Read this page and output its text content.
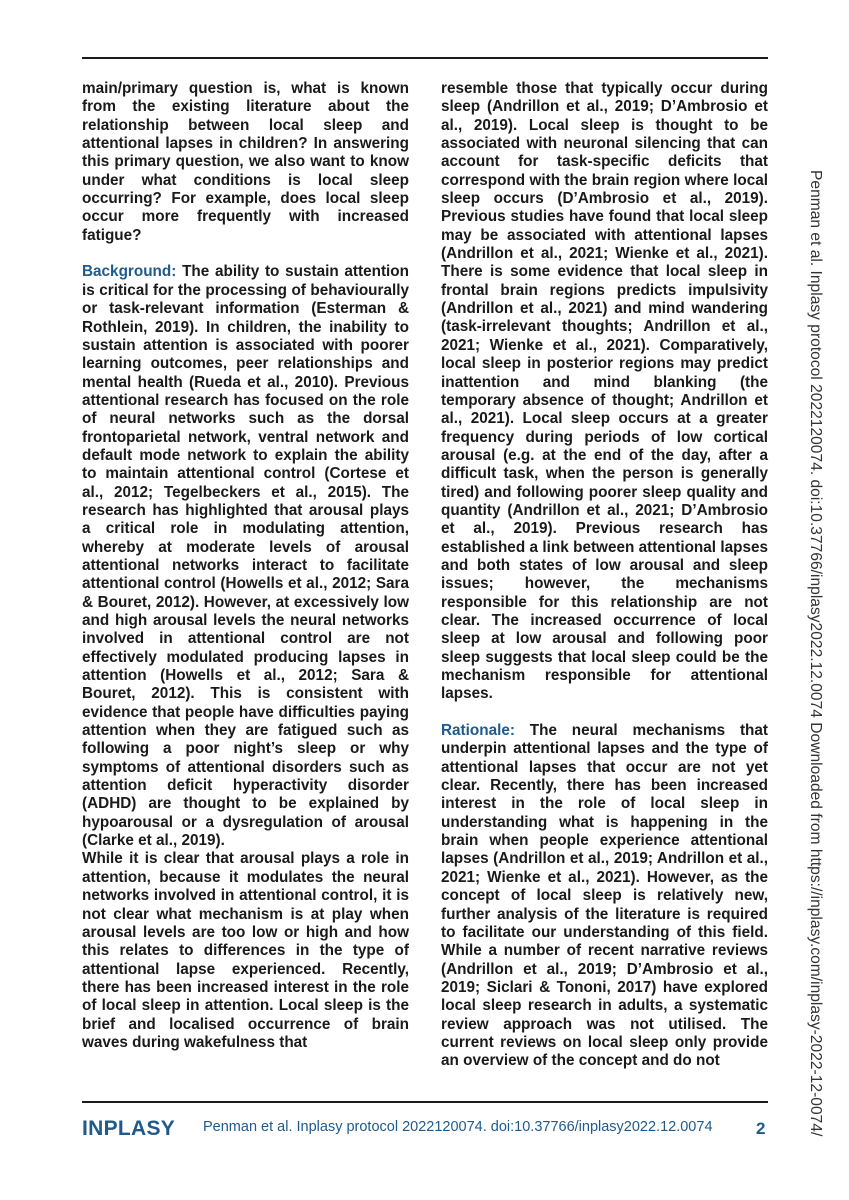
main/primary question is, what is known from the existing literature about the relationship between local sleep and attentional lapses in children? In answering this primary question, we also want to know under what conditions is local sleep occurring? For example, does local sleep occur more frequently with increased fatigue?

Background: The ability to sustain attention is critical for the processing of behaviourally or task-relevant information (Esterman & Rothlein, 2019). In children, the inability to sustain attention is associated with poorer learning outcomes, peer relationships and mental health (Rueda et al., 2010). Previous attentional research has focused on the role of neural networks such as the dorsal frontoparietal network, ventral network and default mode network to explain the ability to maintain attentional control (Cortese et al., 2012; Tegelbeckers et al., 2015). The research has highlighted that arousal plays a critical role in modulating attention, whereby at moderate levels of arousal attentional networks interact to facilitate attentional control (Howells et al., 2012; Sara & Bouret, 2012). However, at excessively low and high arousal levels the neural networks involved in attentional control are not effectively modulated producing lapses in attention (Howells et al., 2012; Sara & Bouret, 2012). This is consistent with evidence that people have difficulties paying attention when they are fatigued such as following a poor night’s sleep or why symptoms of attentional disorders such as attention deficit hyperactivity disorder (ADHD) are thought to be explained by hypoarousal or a dysregulation of arousal (Clarke et al., 2019).

While it is clear that arousal plays a role in attention, because it modulates the neural networks involved in attentional control, it is not clear what mechanism is at play when arousal levels are too low or high and how this relates to differences in the type of attentional lapse experienced. Recently, there has been increased interest in the role of local sleep in attention. Local sleep is the brief and localised occurrence of brain waves during wakefulness that

resemble those that typically occur during sleep (Andrillon et al., 2019; D’Ambrosio et al., 2019). Local sleep is thought to be associated with neuronal silencing that can account for task-specific deficits that correspond with the brain region where local sleep occurs (D’Ambrosio et al., 2019). Previous studies have found that local sleep may be associated with attentional lapses (Andrillon et al., 2021; Wienke et al., 2021). There is some evidence that local sleep in frontal brain regions predicts impulsivity (Andrillon et al., 2021) and mind wandering (task-irrelevant thoughts; Andrillon et al., 2021; Wienke et al., 2021). Comparatively, local sleep in posterior regions may predict inattention and mind blanking (the temporary absence of thought; Andrillon et al., 2021). Local sleep occurs at a greater frequency during periods of low cortical arousal (e.g. at the end of the day, after a difficult task, when the person is generally tired) and following poorer sleep quality and quantity (Andrillon et al., 2021; D’Ambrosio et al., 2019). Previous research has established a link between attentional lapses and both states of low arousal and sleep issues; however, the mechanisms responsible for this relationship are not clear. The increased occurrence of local sleep at low arousal and following poor sleep suggests that local sleep could be the mechanism responsible for attentional lapses.

Rationale: The neural mechanisms that underpin attentional lapses and the type of attentional lapses that occur are not yet clear. Recently, there has been increased interest in the role of local sleep in understanding what is happening in the brain when people experience attentional lapses (Andrillon et al., 2019; Andrillon et al., 2021; Wienke et al., 2021). However, as the concept of local sleep is relatively new, further analysis of the literature is required to facilitate our understanding of this field. While a number of recent narrative reviews (Andrillon et al., 2019; D’Ambrosio et al., 2019; Siclari & Tononi, 2017) have explored local sleep research in adults, a systematic review approach was not utilised. The current reviews on local sleep only provide an overview of the concept and do not	Penman et al. Inplasy protocol 2022120074. doi:10.37766/inplasy2022.12.0074 Downloaded from https://inplasy.com/inplasy-2022-12-0074/
INPLASY Penman et al. Inplasy protocol 2022120074. doi:10.37766/inplasy2022.12.0074	2
